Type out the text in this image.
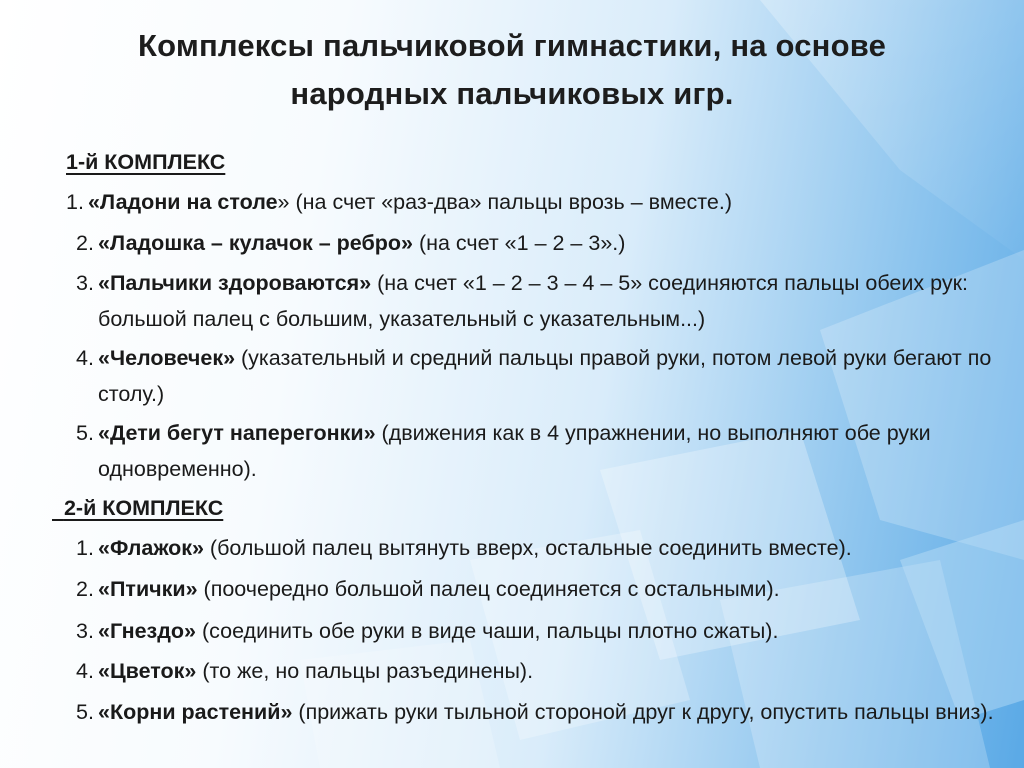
Комплексы пальчиковой гимнастики, на основе
народных пальчиковых игр.
1-й КОМПЛЕКС
1. «Ладони на столе» (на счет «раз-два» пальцы врозь – вместе.)
2. «Ладошка – кулачок – ребро» (на счет «1 – 2 – 3».)
3. «Пальчики здороваются» (на счет «1 – 2 – 3 – 4 – 5» соединяются пальцы обеих рук: большой палец с большим, указательный с указательным...)
4. «Человечек» (указательный и средний пальцы правой руки, потом левой руки бегают по столу.)
5. «Дети бегут наперегонки» (движения как в 4 упражнении, но выполняют обе руки одновременно).
2-й КОМПЛЕКС
1. «Флажок» (большой палец вытянуть вверх, остальные соединить вместе).
2. «Птички» (поочередно большой палец соединяется с остальными).
3. «Гнездо» (соединить обе руки в виде чаши, пальцы плотно сжаты).
4. «Цветок» (то же, но пальцы разъединены).
5. «Корни растений» (прижать руки тыльной стороной друг к другу, опустить пальцы вниз).
